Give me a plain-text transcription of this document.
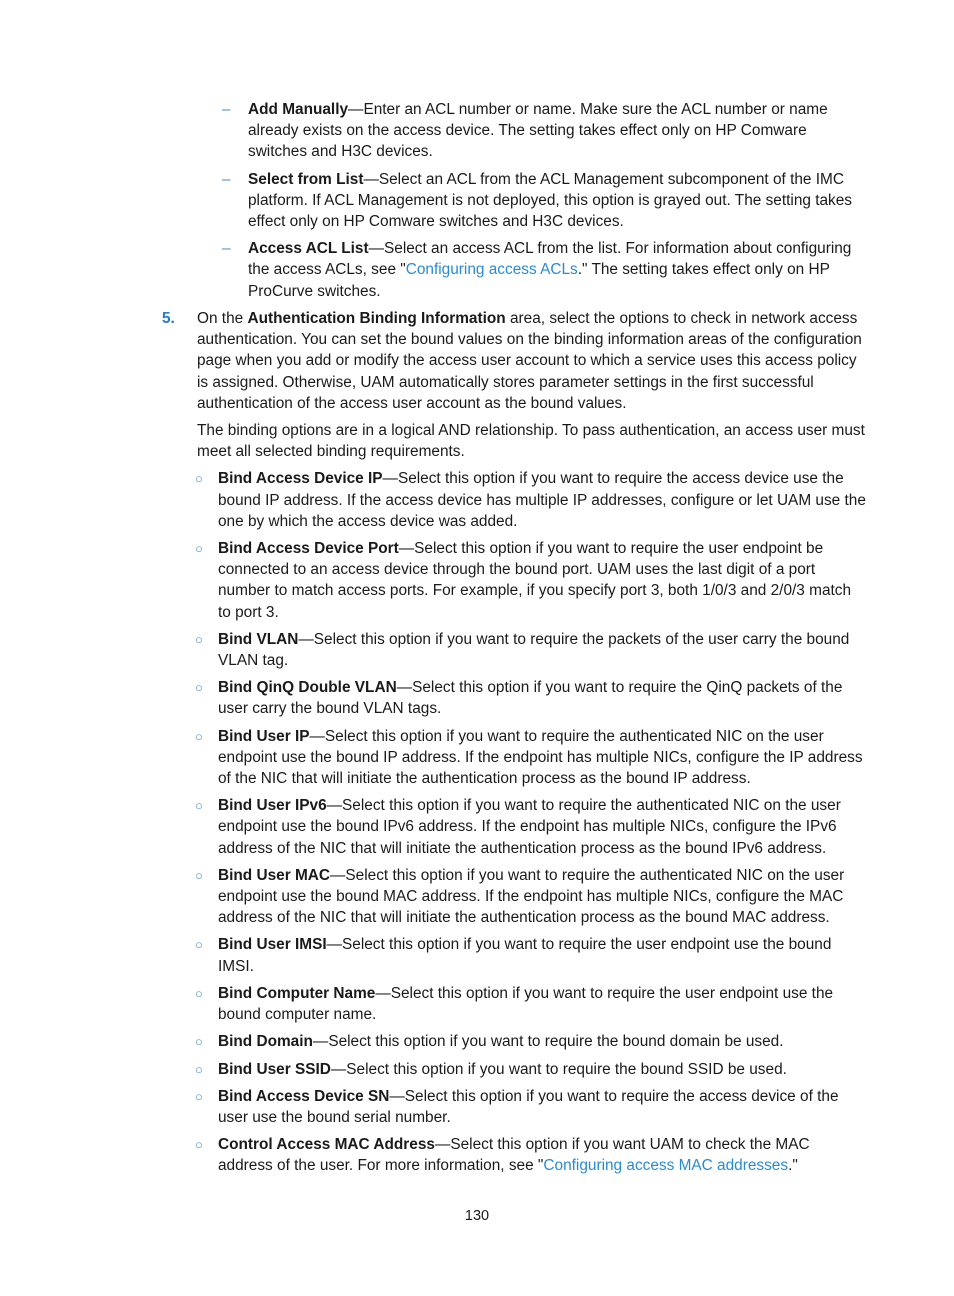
– Add Manually—Enter an ACL number or name. Make sure the ACL number or name already exists on the access device. The setting takes effect only on HP Comware switches and H3C devices.
– Select from List—Select an ACL from the ACL Management subcomponent of the IMC platform. If ACL Management is not deployed, this option is grayed out. The setting takes effect only on HP Comware switches and H3C devices.
– Access ACL List—Select an access ACL from the list. For information about configuring the access ACLs, see "Configuring access ACLs." The setting takes effect only on HP ProCurve switches.
5. On the Authentication Binding Information area, select the options to check in network access authentication. You can set the bound values on the binding information areas of the configuration page when you add or modify the access user account to which a service uses this access policy is assigned. Otherwise, UAM automatically stores parameter settings in the first successful authentication of the access user account as the bound values.

The binding options are in a logical AND relationship. To pass authentication, an access user must meet all selected binding requirements.

○ Bind Access Device IP—Select this option if you want to require the access device use the bound IP address. If the access device has multiple IP addresses, configure or let UAM use the one by which the access device was added.
○ Bind Access Device Port—Select this option if you want to require the user endpoint be connected to an access device through the bound port. UAM uses the last digit of a port number to match access ports. For example, if you specify port 3, both 1/0/3 and 2/0/3 match to port 3.
○ Bind VLAN—Select this option if you want to require the packets of the user carry the bound VLAN tag.
○ Bind QinQ Double VLAN—Select this option if you want to require the QinQ packets of the user carry the bound VLAN tags.
○ Bind User IP—Select this option if you want to require the authenticated NIC on the user endpoint use the bound IP address. If the endpoint has multiple NICs, configure the IP address of the NIC that will initiate the authentication process as the bound IP address.
○ Bind User IPv6—Select this option if you want to require the authenticated NIC on the user endpoint use the bound IPv6 address. If the endpoint has multiple NICs, configure the IPv6 address of the NIC that will initiate the authentication process as the bound IPv6 address.
○ Bind User MAC—Select this option if you want to require the authenticated NIC on the user endpoint use the bound MAC address. If the endpoint has multiple NICs, configure the MAC address of the NIC that will initiate the authentication process as the bound MAC address.
○ Bind User IMSI—Select this option if you want to require the user endpoint use the bound IMSI.
○ Bind Computer Name—Select this option if you want to require the user endpoint use the bound computer name.
○ Bind Domain—Select this option if you want to require the bound domain be used.
○ Bind User SSID—Select this option if you want to require the bound SSID be used.
○ Bind Access Device SN—Select this option if you want to require the access device of the user use the bound serial number.
○ Control Access MAC Address—Select this option if you want UAM to check the MAC address of the user. For more information, see "Configuring access MAC addresses."
130
